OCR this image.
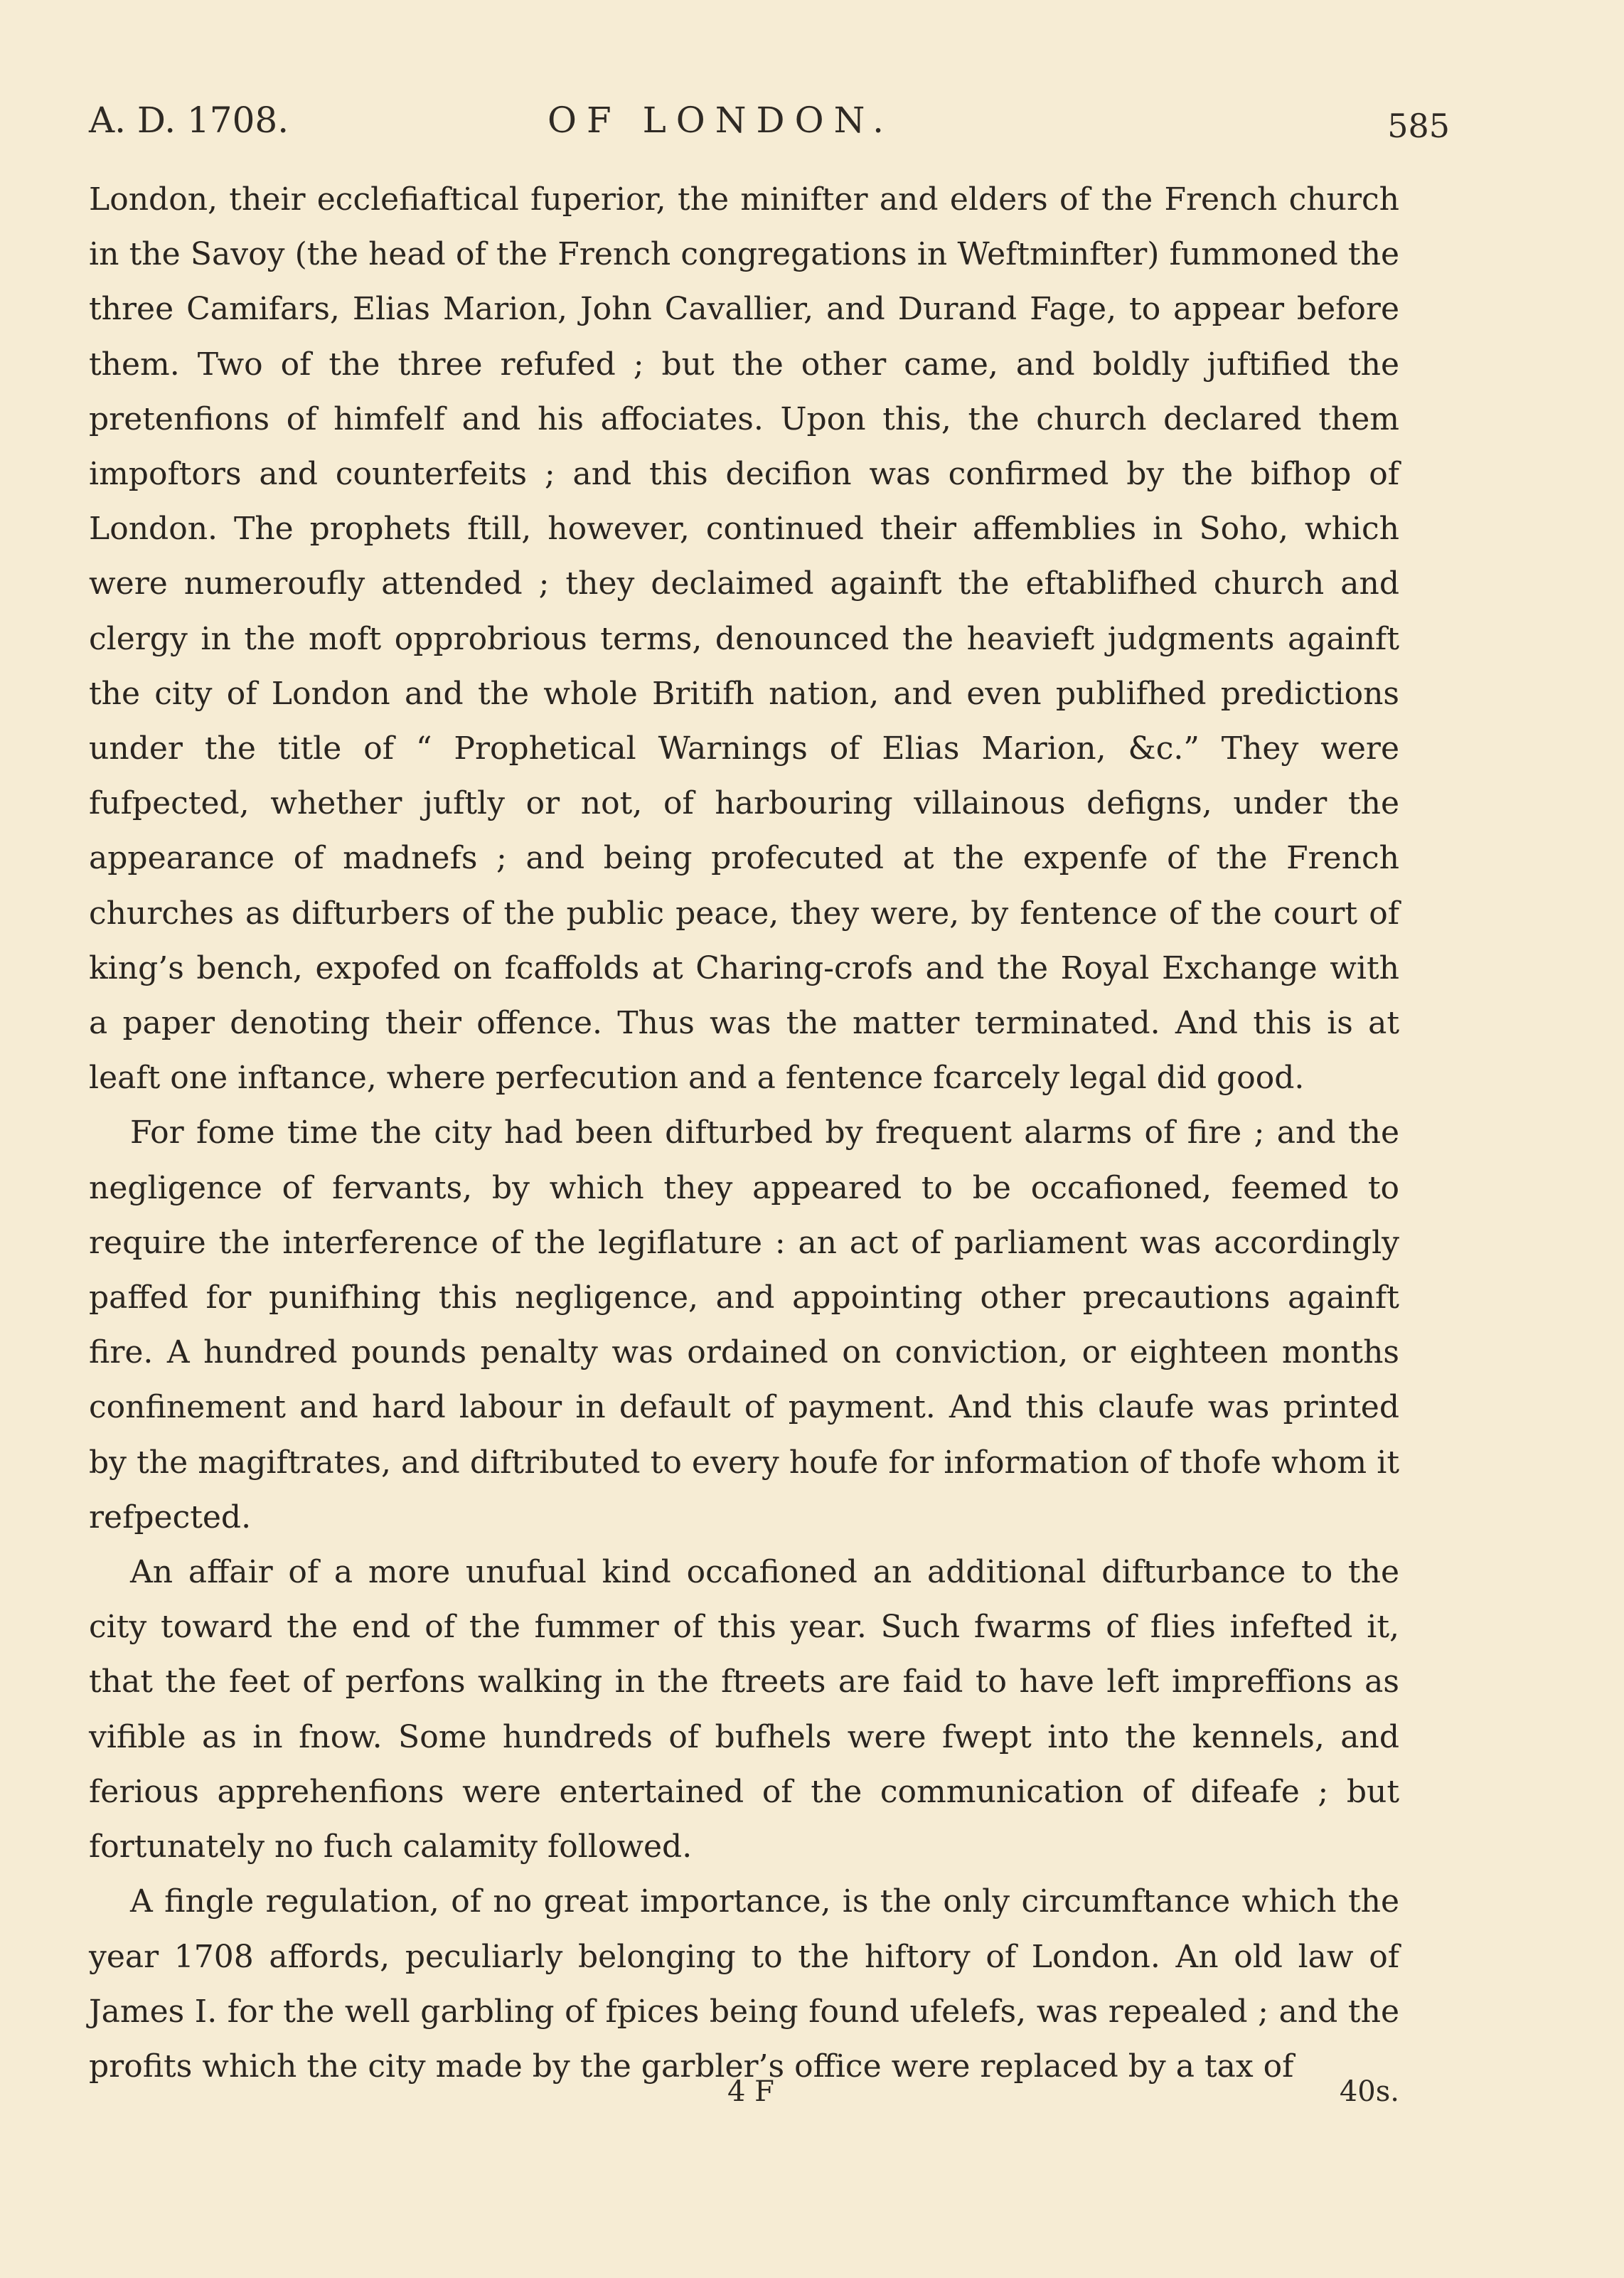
A. D. 1708.	OF LONDON.	585

London, their ecclefiaftical fuperior, the minifter and elders of the French church in the Savoy (the head of the French congregations in Weftminfter) fummoned the three Camifars, Elias Marion, John Cavallier, and Durand Fage, to appear before them. Two of the three refufed ; but the other came, and boldly juftified the pretenfions of himfelf and his affociates. Upon this, the church declared them impoftors and counterfeits ; and this decifion was confirmed by the bifhop of London. The prophets ftill, however, continued their affemblies in Soho, which were numeroufly attended ; they declaimed againft the eftablifhed church and clergy in the moft opprobrious terms, denounced the heavieft judgments againft the city of London and the whole Britifh nation, and even publifhed predictions under the title of “ Prophetical Warnings of Elias Marion, &c.” They were fufpected, whether juftly or not, of harbouring villainous defigns, under the appearance of madnefs ; and being profecuted at the expenfe of the French churches as difturbers of the public peace, they were, by fentence of the court of king’s bench, expofed on fcaffolds at Charing-crofs and the Royal Exchange with a paper denoting their offence. Thus was the matter terminated. And this is at leaft one inftance, where perfecution and a fentence fcarcely legal did good.

For fome time the city had been difturbed by frequent alarms of fire ; and the negligence of fervants, by which they appeared to be occafioned, feemed to require the interference of the legiflature : an act of parliament was accordingly paffed for punifhing this negligence, and appointing other precautions againft fire. A hundred pounds penalty was ordained on conviction, or eighteen months confinement and hard labour in default of payment. And this claufe was printed by the magiftrates, and diftributed to every houfe for information of thofe whom it refpected.

An affair of a more unufual kind occafioned an additional difturbance to the city toward the end of the fummer of this year. Such fwarms of flies infefted it, that the feet of perfons walking in the ftreets are faid to have left impreffions as vifible as in fnow. Some hundreds of bufhels were fwept into the kennels, and ferious apprehenfions were entertained of the communication of difeafe ; but fortunately no fuch calamity followed.

A fingle regulation, of no great importance, is the only circumftance which the year 1708 affords, peculiarly belonging to the hiftory of London. An old law of James I. for the well garbling of fpices being found ufelefs, was repealed ; and the profits which the city made by the garbler’s office were replaced by a tax of

4 F	40s.
